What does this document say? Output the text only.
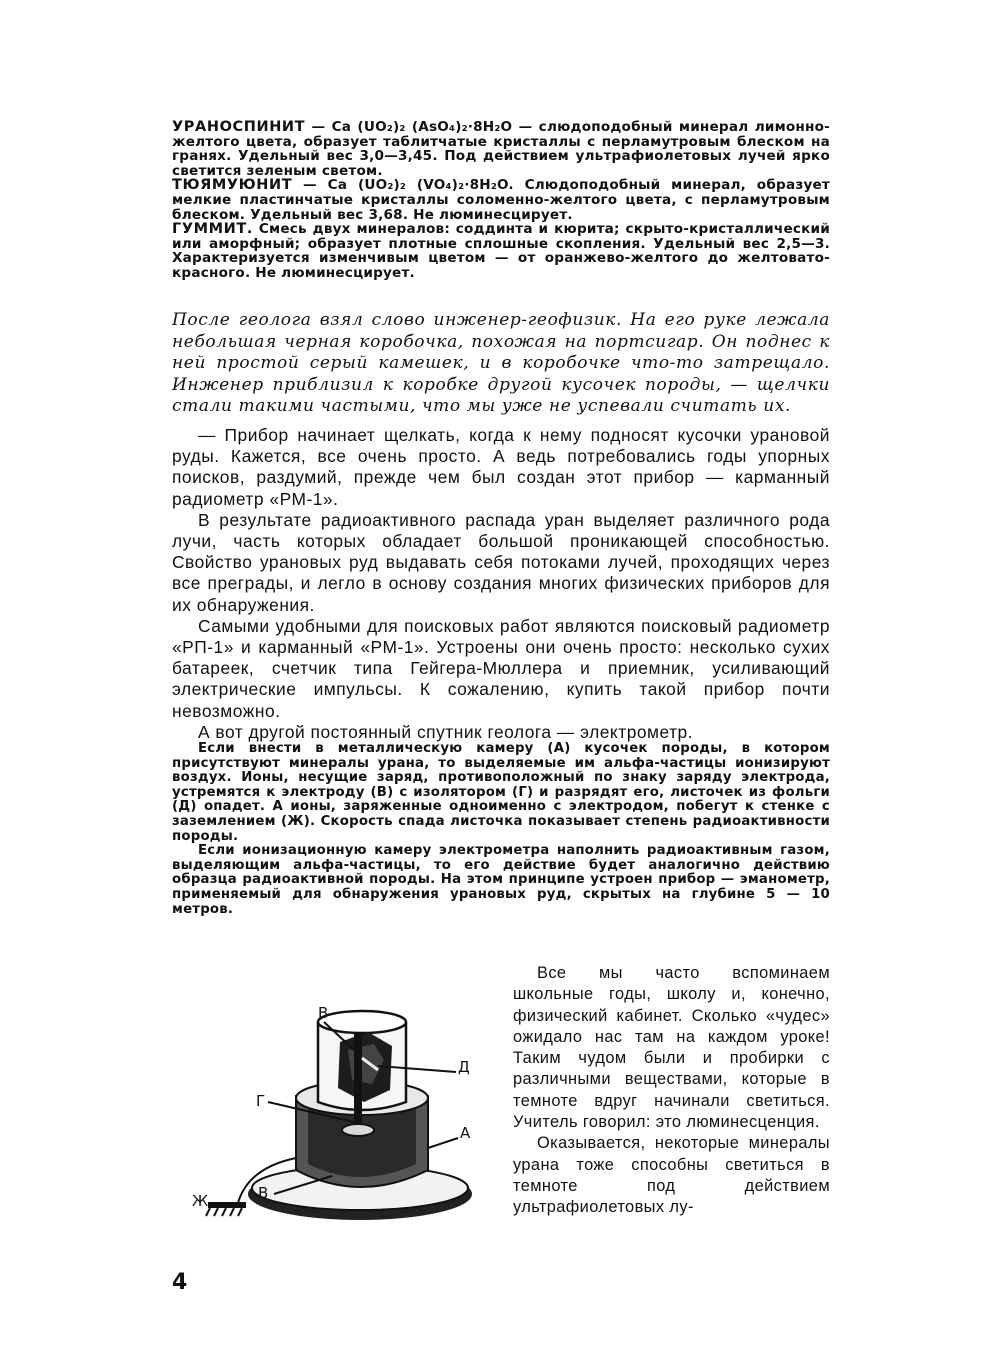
УРАНОСПИНИТ — Ca (UO₂)₂ (AsO₄)₂·8H₂O — слюдоподобный минерал лимонно-желтого цвета, образует таблитчатые кристаллы с перламутровым блеском на гранях. Удельный вес 3,0—3,45. Под действием ультрафиолетовых лучей ярко светится зеленым светом.

ТЮЯМУЮНИТ — Ca (UO₂)₂ (VO₄)₂·8H₂O. Слюдоподобный минерал, образует мелкие пластинчатые кристаллы соломенно-желтого цвета, с перламутровым блеском. Удельный вес 3,68. Не люминесцирует.

ГУММИТ. Смесь двух минералов: соддинта и кюрита; скрыто-кристаллический или аморфный; образует плотные сплошные скопления. Удельный вес 2,5—3. Характеризуется изменчивым цветом — от оранжево-желтого до желтовато-красного. Не люминесцирует.

После геолога взял слово инженер-геофизик. На его руке лежала небольшая черная коробочка, похожая на портсигар. Он поднес к ней простой серый камешек, и в коробочке что-то затрещало. Инженер приблизил к коробке другой кусочек породы, — щелчки стали такими частыми, что мы уже не успевали считать их.

— Прибор начинает щелкать, когда к нему подносят кусочки урановой руды. Кажется, все очень просто. А ведь потребовались годы упорных поисков, раздумий, прежде чем был создан этот прибор — карманный радиометр «РМ-1».

В результате радиоактивного распада уран выделяет различного рода лучи, часть которых обладает большой проникающей способностью. Свойство урановых руд выдавать себя потоками лучей, проходящих через все преграды, и легло в основу создания многих физических приборов для их обнаружения.

Самыми удобными для поисковых работ являются поисковый радиометр «РП-1» и карманный «РМ-1». Устроены они очень просто: несколько сухих батареек, счетчик типа Гейгера-Мюллера и приемник, усиливающий электрические импульсы. К сожалению, купить такой прибор почти невозможно.

А вот другой постоянный спутник геолога — электрометр.

Если внести в металлическую камеру (А) кусочек породы, в котором присутствуют минералы урана, то выделяемые им альфа-частицы ионизируют воздух. Ионы, несущие заряд, противоположный по знаку заряду электрода, устремятся к электроду (В) с изолятором (Г) и разрядят его, листочек из фольги (Д) опадет. А ионы, заряженные одноименно с электродом, побегут к стенке с заземлением (Ж). Скорость спада листочка показывает степень радиоактивности породы.

Если ионизационную камеру электрометра наполнить радиоактивным газом, выделяющим альфа-частицы, то его действие будет аналогично действию образца радиоактивной породы. На этом принципе устроен прибор — эманометр, применяемый для обнаружения урановых руд, скрытых на глубине 5 — 10 метров.

В
Д
Г
А
В
Ж

Все мы часто вспоминаем школьные годы, школу и, конечно, физический кабинет. Сколько «чудес» ожидало нас там на каждом уроке! Таким чудом были и пробирки с различными веществами, которые в темноте вдруг начинали светиться. Учитель говорил: это люминесценция.

Оказывается, некоторые минералы урана тоже способны светиться в темноте под действием ультрафиолетовых лу-

4
